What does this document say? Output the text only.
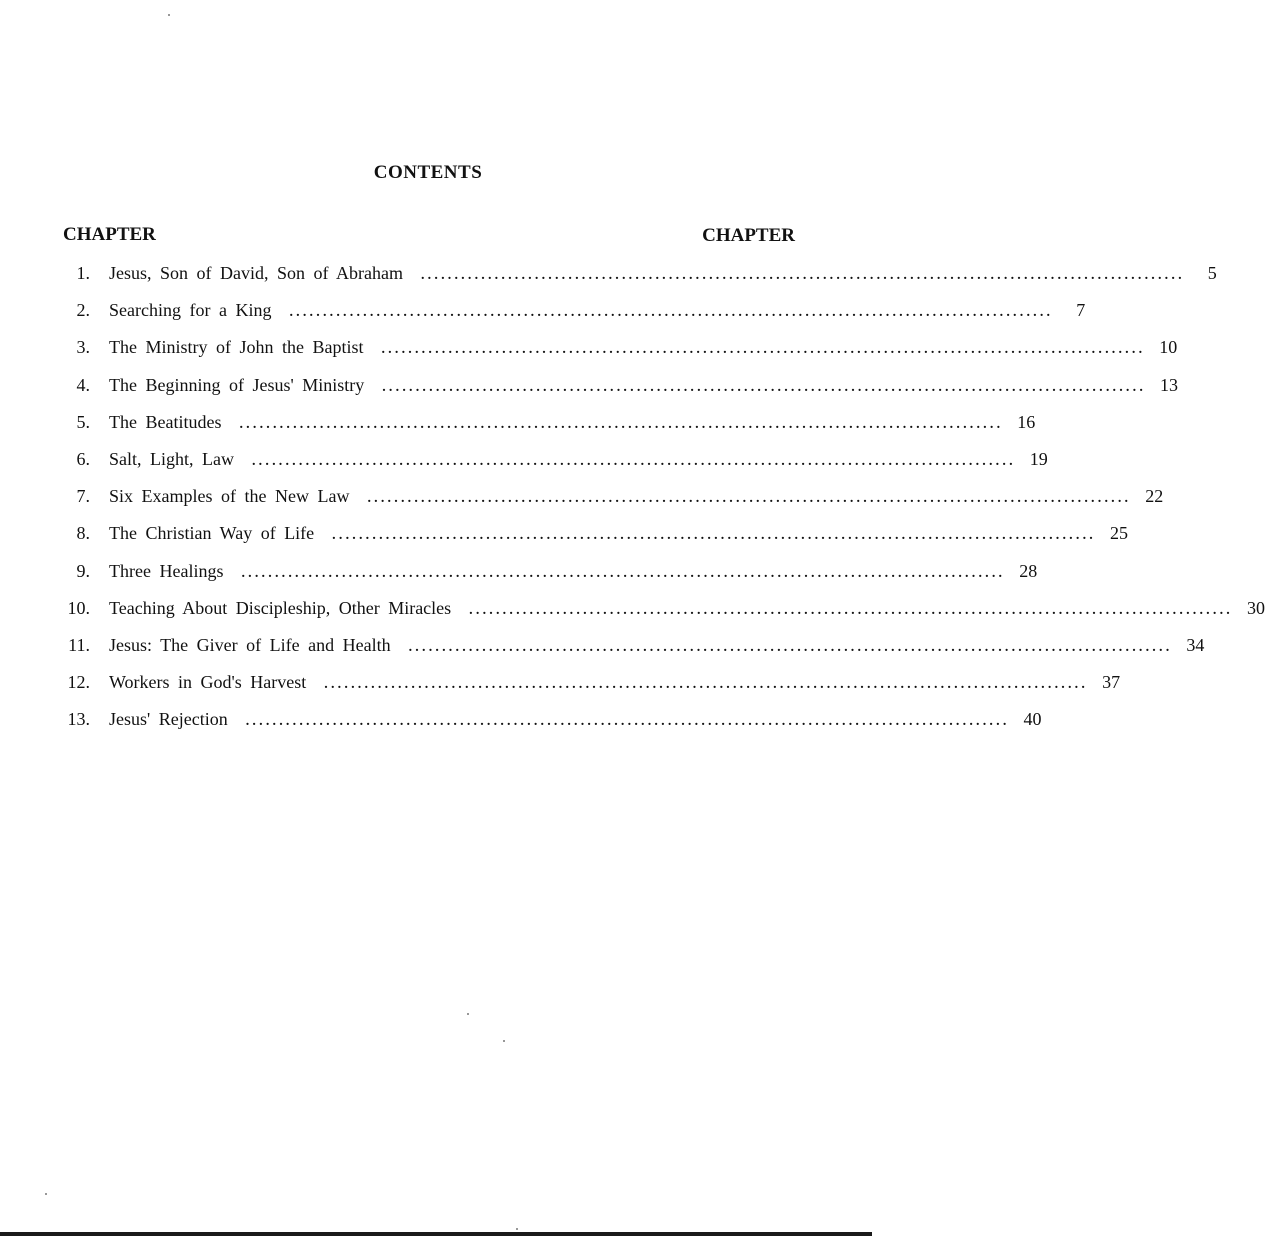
CONTENTS
CHAPTER	CHAPTER
1. Jesus, Son of David, Son of Abraham ..................................................................................................................	5
2. Searching for a King ..................................................................................................................	7
3. The Ministry of John the Baptist .................................................................................................................. 10
4. The Beginning of Jesus' Ministry .................................................................................................................. 13
5. The Beatitudes .................................................................................................................. 16
6. Salt, Light, Law .................................................................................................................. 19
7. Six Examples of the New Law .................................................................................................................. 22
8. The Christian Way of Life .................................................................................................................. 25
9. Three Healings .................................................................................................................. 28
10. Teaching About Discipleship, Other Miracles .................................................................................................................. 30
11. Jesus: The Giver of Life and Health .................................................................................................................. 34
12. Workers in God's Harvest .................................................................................................................. 37
13. Jesus' Rejection .................................................................................................................. 40
